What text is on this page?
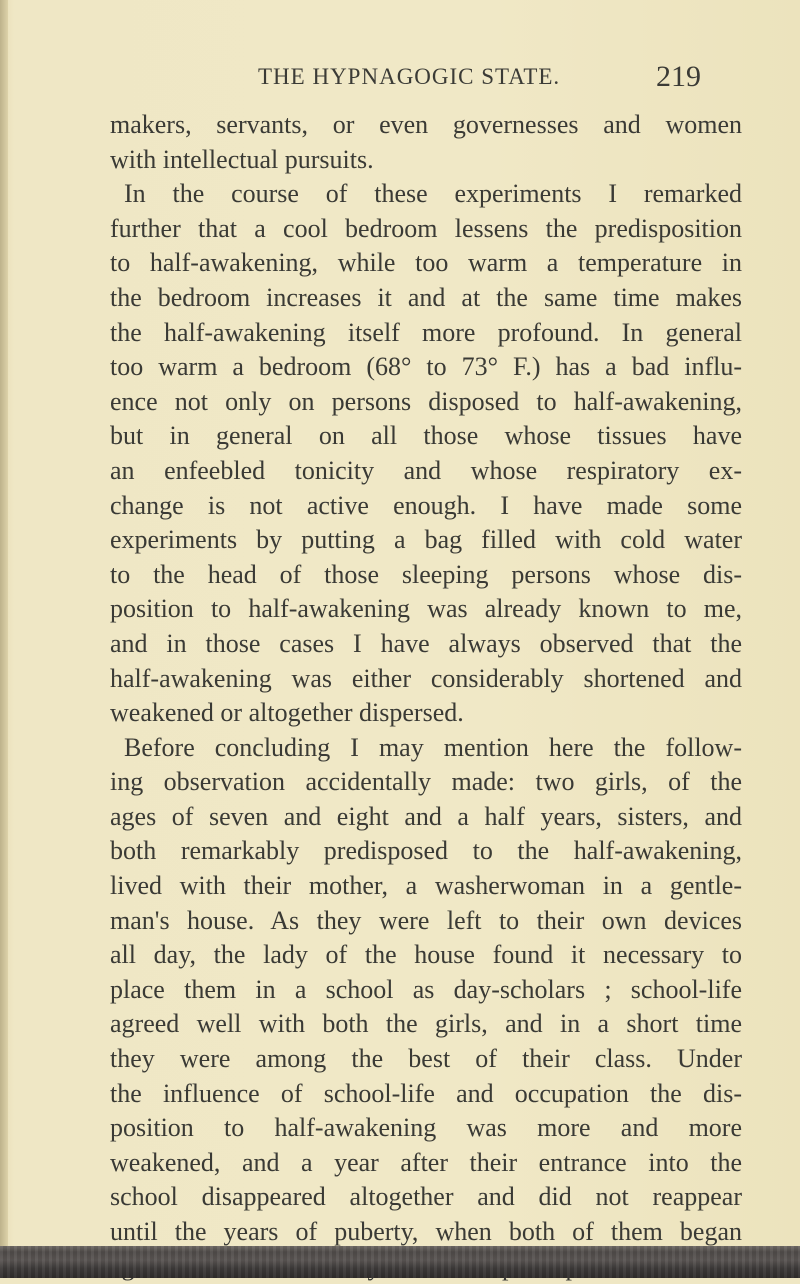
THE HYPNAGOGIC STATE.	219
makers, servants, or even governesses and women
with intellectual pursuits.
In the course of these experiments I remarked
further that a cool bedroom lessens the predisposition
to half-awakening, while too warm a temperature in
the bedroom increases it and at the same time makes
the half-awakening itself more profound. In general
too warm a bedroom (68° to 73° F.) has a bad influ-
ence not only on persons disposed to half-awakening,
but in general on all those whose tissues have
an enfeebled tonicity and whose respiratory ex-
change is not active enough. I have made some
experiments by putting a bag filled with cold water
to the head of those sleeping persons whose dis-
position to half-awakening was already known to me,
and in those cases I have always observed that the
half-awakening was either considerably shortened and
weakened or altogether dispersed.
Before concluding I may mention here the follow-
ing observation accidentally made: two girls, of the
ages of seven and eight and a half years, sisters, and
both remarkably predisposed to the half-awakening,
lived with their mother, a washerwoman in a gentle-
man's house. As they were left to their own devices
all day, the lady of the house found it necessary to
place them in a school as day-scholars ; school-life
agreed well with both the girls, and in a short time
they were among the best of their class. Under
the influence of school-life and occupation the dis-
position to half-awakening was more and more
weakened, and a year after their entrance into the
school disappeared altogether and did not reappear
until the years of puberty, when both of them began
